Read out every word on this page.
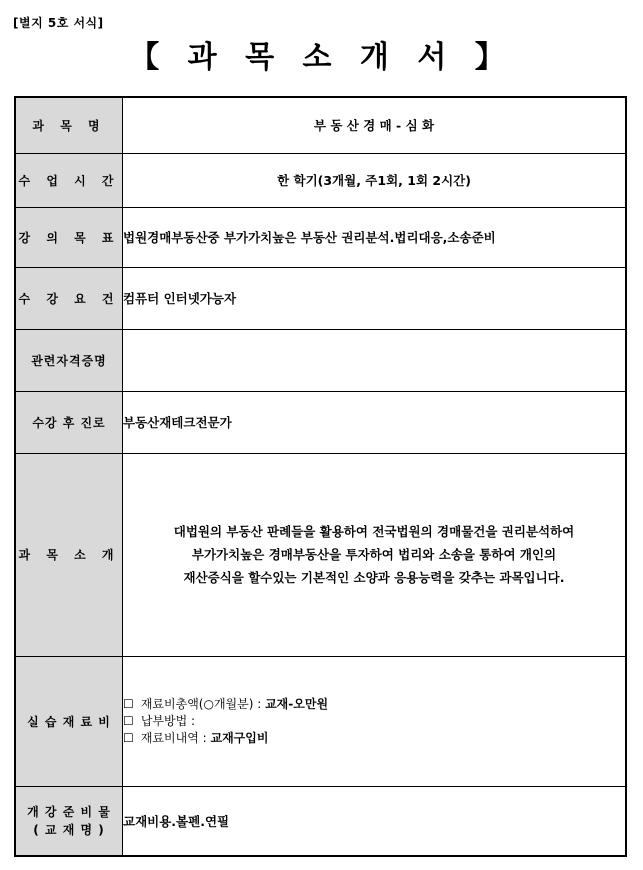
[별지 5호 서식]
【 과 목 소 개 서 】
과 목 명	부 동 산 경 매 - 심 화
수 업 시 간	한 학기(3개월, 주1회, 1회 2시간)
강 의 목 표	법원경매부동산중 부가가치높은 부동산 권리분석.법리대응,소송준비
수 강 요 건	컴퓨터 인터넷가능자
관련자격증명	
수강 후 진로	부동산재테크전문가
과 목 소 개	대법원의 부동산 판례들을 활용하여 전국법원의 경매물건을 권리분석하여
부가가치높은 경매부동산을 투자하여 법리와 소송을 통하여 개인의
재산증식을 할수있는 기본적인 소양과 응용능력을 갖추는 과목입니다.

실 습 재 료 비	☐ 재료비총액(○개월분) : 교재-오만원
☐ 납부방법 :
☐ 재료비내역 : 교재구입비

개 강 준 비 물
( 교 재 명 )	교재비용.볼펜.연필
